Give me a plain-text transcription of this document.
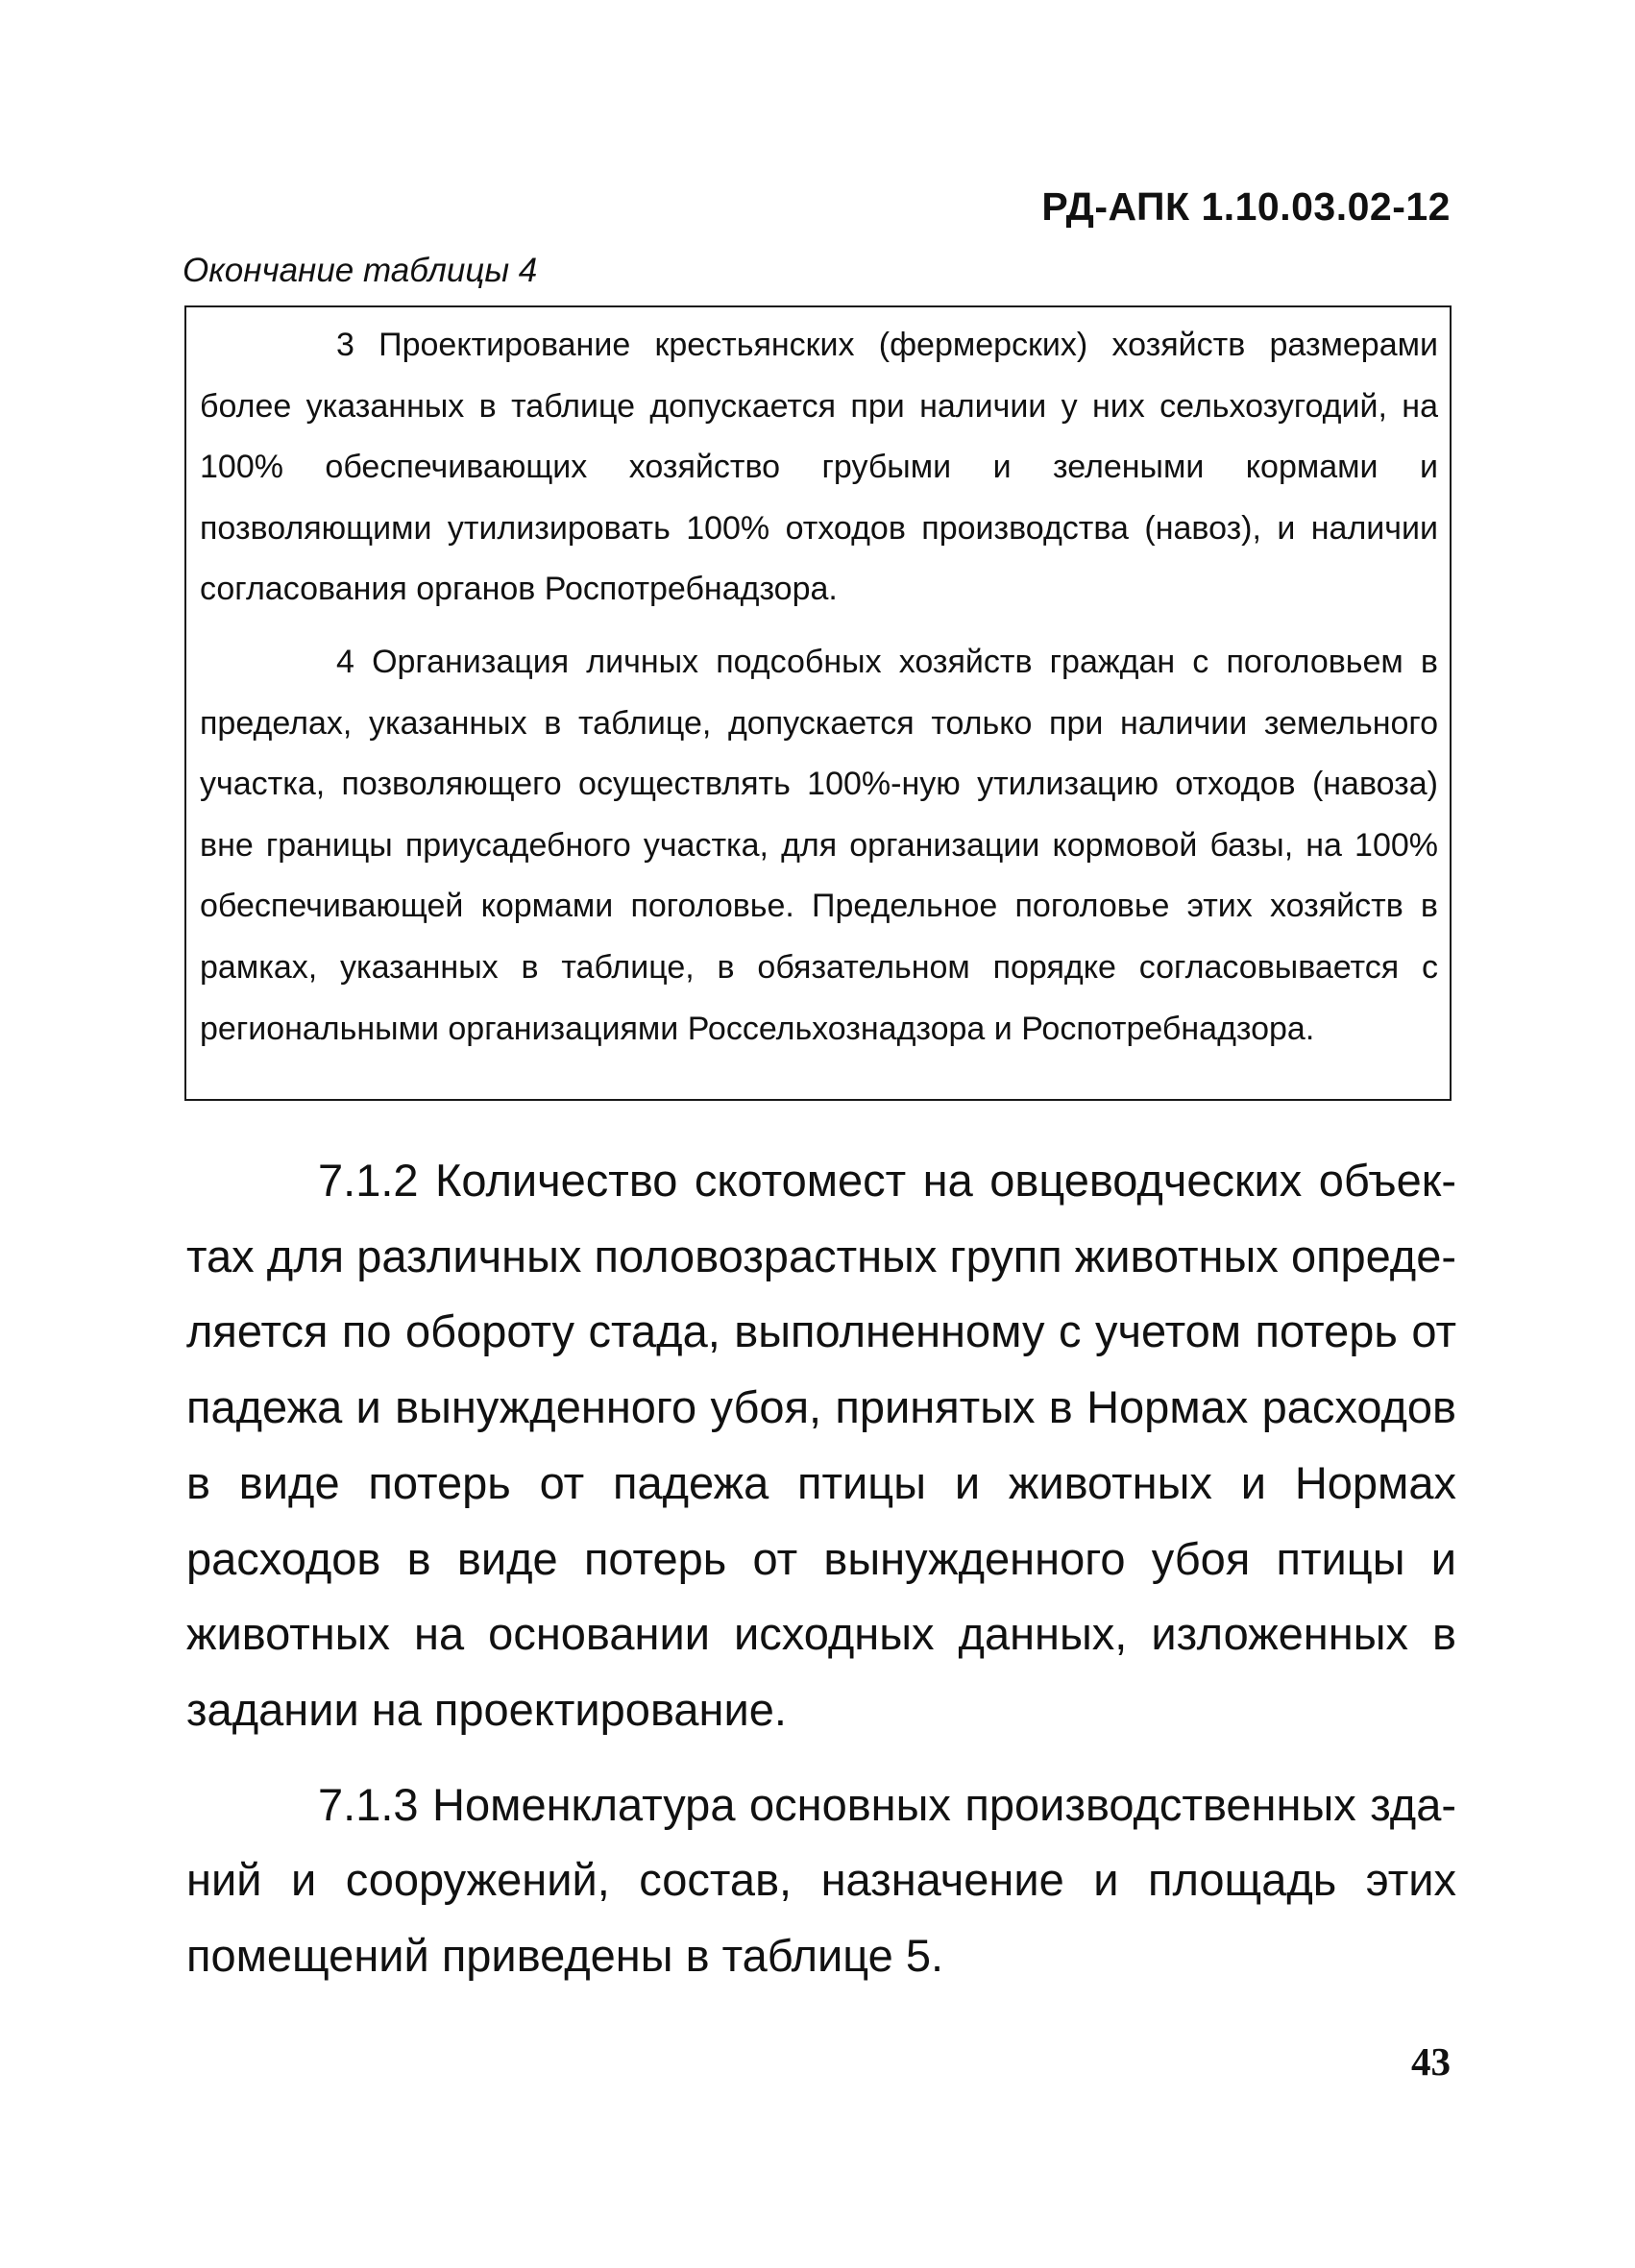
РД-АПК 1.10.03.02-12
Окончание таблицы 4

3 Проектирование крестьянских (фермерских) хозяйств размерами более указанных в таблице допускается при наличии у них сельхозугодий, на 100% обеспечивающих хозяйство грубыми и зелеными кормами и позволяющими утилизировать 100% отходов производства (навоз), и наличии согласования органов Роспотребнадзора.

4 Организация личных подсобных хозяйств граждан с поголовьем в пределах, указанных в таблице, допускается только при наличии земельного участка, позволяющего осуществлять 100%-ную утилизацию отходов (навоза) вне границы приусадебного участка, для организации кормовой базы, на 100% обеспечивающей кормами поголовье. Предельное поголовье этих хозяйств в рамках, указанных в таблице, в обязательном порядке согласовывается с региональными организациями Россельхознадзора и Роспотребнадзора.

7.1.2 Количество скотомест на овцеводческих объектах для различных половозрастных групп животных определяется по обороту стада, выполненному с учетом потерь от падежа и вынужденного убоя, принятых в Нормах расходов в виде потерь от падежа птицы и животных и Нормах расходов в виде потерь от вынужденного убоя птицы и животных на основании исходных данных, изложенных в задании на проектирование.

7.1.3 Номенклатура основных производственных зданий и сооружений, состав, назначение и площадь этих помещений приведены в таблице 5.

43
